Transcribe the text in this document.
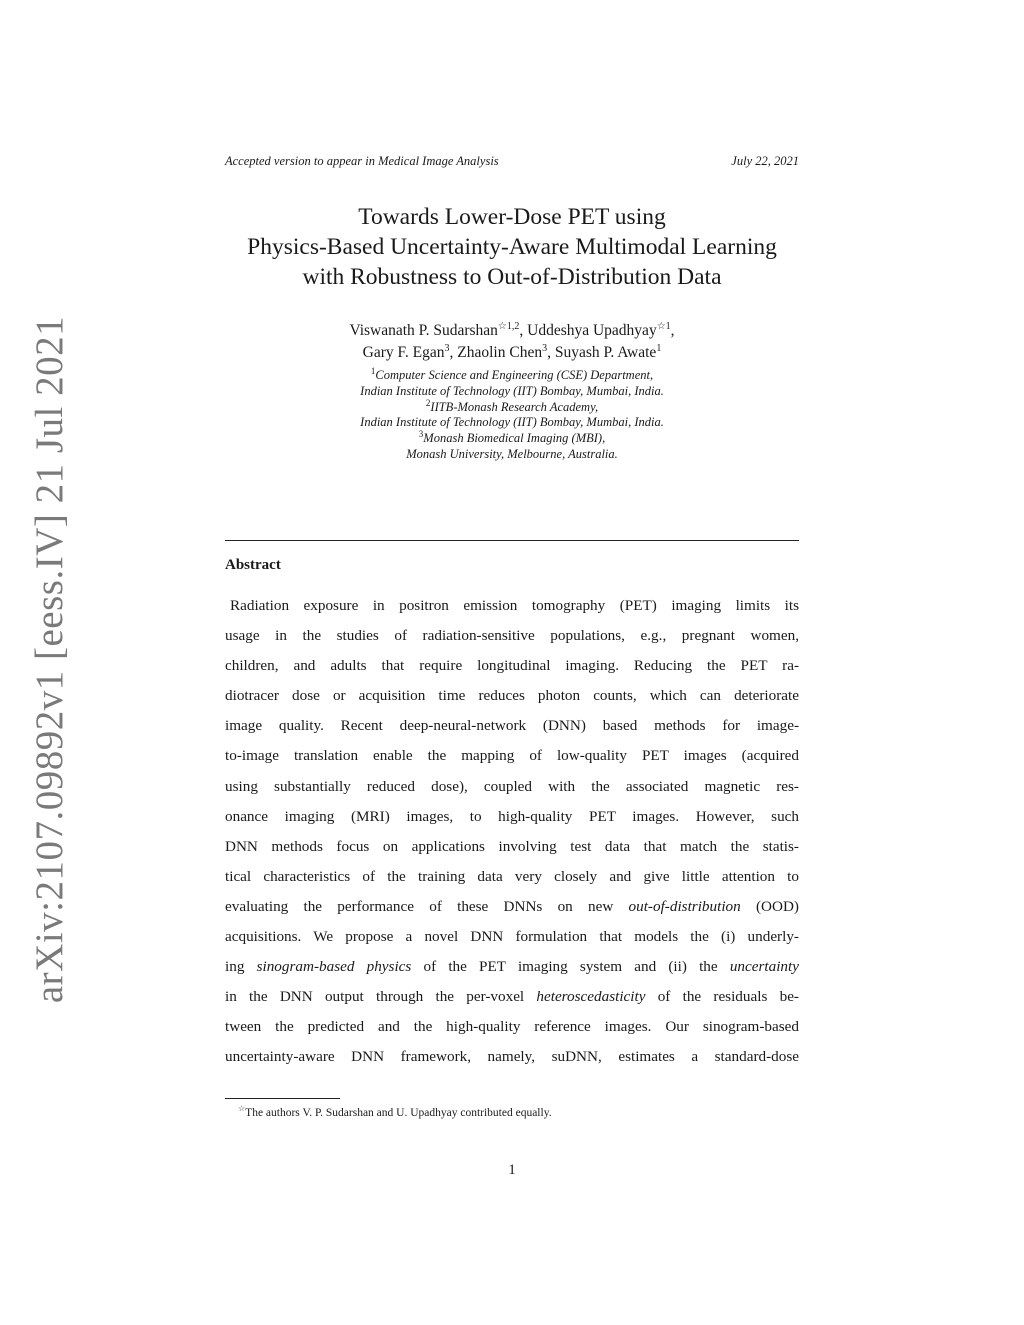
arXiv:2107.09892v1 [eess.IV] 21 Jul 2021
Accepted version to appear in Medical Image Analysis	July 22, 2021
Towards Lower-Dose PET using
Physics-Based Uncertainty-Aware Multimodal Learning
with Robustness to Out-of-Distribution Data
Viswanath P. Sudarshan$^{☆1,2}$, Uddeshya Upadhyay$^{☆1}$,
Gary F. Egan$^3$, Zhaolin Chen$^3$, Suyash P. Awate$^1$
$^1$Computer Science and Engineering (CSE) Department,
Indian Institute of Technology (IIT) Bombay, Mumbai, India.
$^2$IITB-Monash Research Academy,
Indian Institute of Technology (IIT) Bombay, Mumbai, India.
$^3$Monash Biomedical Imaging (MBI),
Monash University, Melbourne, Australia.
Abstract
Radiation exposure in positron emission tomography (PET) imaging limits its
usage in the studies of radiation-sensitive populations, e.g., pregnant women,
children, and adults that require longitudinal imaging. Reducing the PET ra-
diotracer dose or acquisition time reduces photon counts, which can deteriorate
image quality. Recent deep-neural-network (DNN) based methods for image-
to-image translation enable the mapping of low-quality PET images (acquired
using substantially reduced dose), coupled with the associated magnetic res-
onance imaging (MRI) images, to high-quality PET images. However, such
DNN methods focus on applications involving test data that match the statis-
tical characteristics of the training data very closely and give little attention to
evaluating the performance of these DNNs on new out-of-distribution (OOD)
acquisitions. We propose a novel DNN formulation that models the (i) underly-
ing sinogram-based physics of the PET imaging system and (ii) the uncertainty
in the DNN output through the per-voxel heteroscedasticity of the residuals be-
tween the predicted and the high-quality reference images. Our sinogram-based
uncertainty-aware DNN framework, namely, suDNN, estimates a standard-dose
☆The authors V. P. Sudarshan and U. Upadhyay contributed equally.
1
